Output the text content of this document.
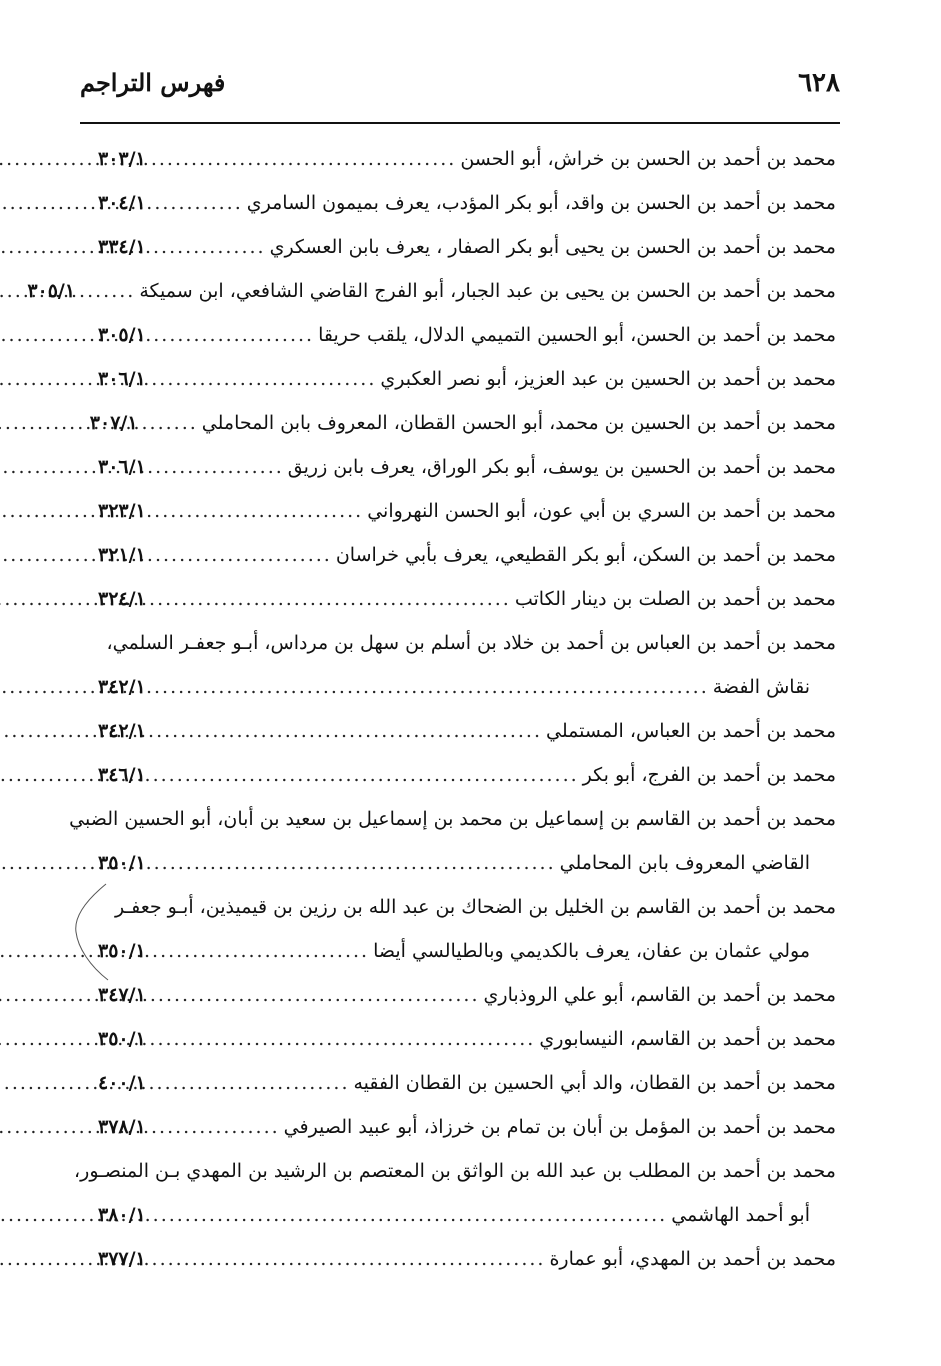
٦٢٨
فهرس التراجم
محمد بن أحمد بن الحسن بن خراش، أبو الحسن
.....
٣٠٣/١
محمد بن أحمد بن الحسن بن واقد، أبو بكر المؤدب، يعرف بميمون السامري
.....
٣٠٤/١
محمد بن أحمد بن الحسن بن يحيى أبو بكر الصفار ، يعرف بابن العسكري
.....
٣٣٤/١
محمد بن أحمد بن الحسن بن يحيى بن عبد الجبار، أبو الفرج القاضي الشافعي، ابن سميكة
.....
٣٠٥/١
محمد بن أحمد بن الحسن، أبو الحسين التميمي الدلال، يلقب حريقا
.....
٣٠٥/١
محمد بن أحمد بن الحسين بن عبد العزيز، أبو نصر العكبري
.....
٣٠٦/١
محمد بن أحمد بن الحسين بن محمد، أبو الحسن القطان، المعروف بابن المحاملي
.....
٣٠٧/١
محمد بن أحمد بن الحسين بن يوسف، أبو بكر الوراق، يعرف بابن زريق
.....
٣٠٦/١
محمد بن أحمد بن السري بن أبي عون، أبو الحسن النهرواني
.....
٣٢٣/١
محمد بن أحمد بن السكن، أبو بكر القطيعي، يعرف بأبي خراسان
.....
٣٢١/١
محمد بن أحمد بن الصلت بن دينار الكاتب
.....
٣٢٤/١
محمد بن أحمد بن العباس بن أحمد بن خلاد بن أسلم بن سهل بن مرداس، أبـو جعفـر السلمي،
نقاش الفضة
.....
٣٤٢/١
محمد بن أحمد بن العباس، المستملي
.....
٣٤٢/١
محمد بن أحمد بن الفرج، أبو بكر
.....
٣٤٦/١
محمد بن أحمد بن القاسم بن إسماعيل بن محمد بن إسماعيل بن سعيد بن أبان، أبو الحسين الضبي
القاضي المعروف بابن المحاملي
.....
٣٥٠/١
محمد بن أحمد بن القاسم بن الخليل بن الضحاك بن عبد الله بن رزين بن قيميذين، أبـو جعفـر
مولي عثمان بن عفان، يعرف بالكديمي وبالطيالسي أيضا
.....
٣٥٠/١
محمد بن أحمد بن القاسم، أبو علي الروذباري
.....
٣٤٧/١
محمد بن أحمد بن القاسم، النيسابوري
.....
٣٥٠/١
محمد بن أحمد بن القطان، والد أبي الحسين بن القطان الفقيه
.....
٤٠٠/١
محمد بن أحمد بن المؤمل بن أبان بن تمام بن خرزاذ، أبو عبيد الصيرفي
.....
٣٧٨/١
محمد بن أحمد بن المطلب بن عبد الله بن الواثق بن المعتصم بن الرشيد بن المهدي بـن المنصـور،
أبو أحمد الهاشمي
.....
٣٨٠/١
محمد بن أحمد بن المهدي، أبو عمارة
.....
٣٧٧/١
